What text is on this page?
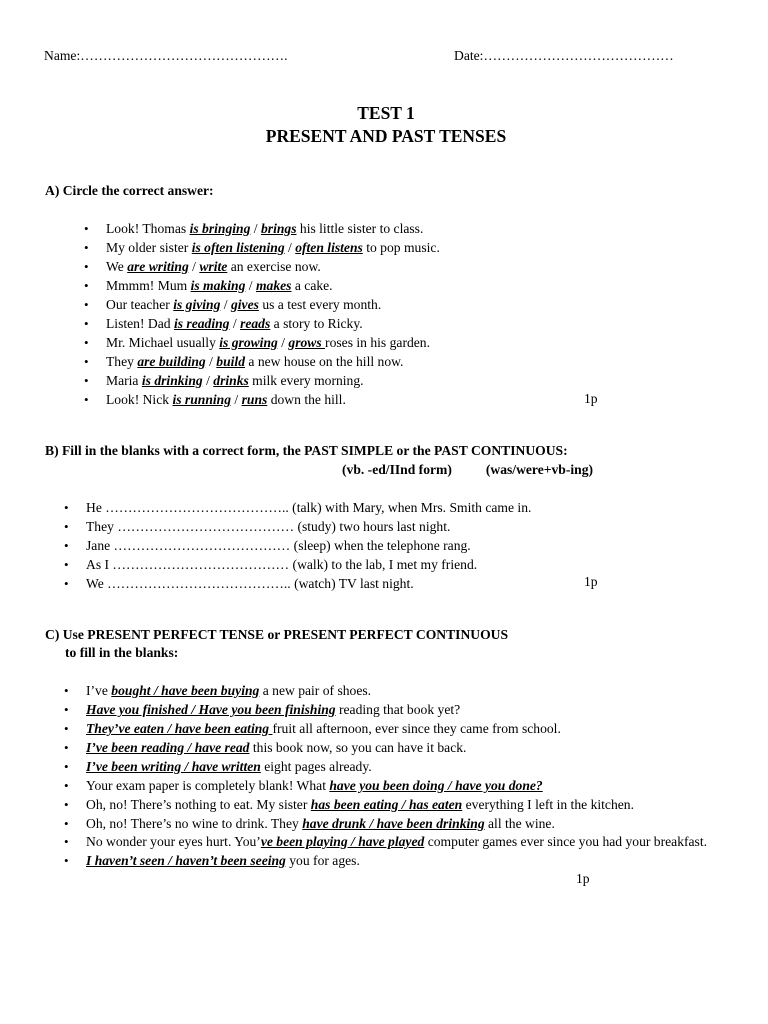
Name:……………………………………….	Date:……………………………………
TEST 1
PRESENT AND PAST TENSES
A) Circle the correct answer:
• Look! Thomas is bringing / brings his little sister to class.
• My older sister is often listening / often listens to pop music.
• We are writing / write an exercise now.
• Mmmm! Mum is making / makes a cake.
• Our teacher is giving / gives us a test every month.
• Listen! Dad is reading / reads a story to Ricky.
• Mr. Michael usually is growing / grows roses in his garden.
• They are building / build a new house on the hill now.
• Maria is drinking / drinks milk every morning.
• Look! Nick is running / runs down the hill.	1p
B) Fill in the blanks with a correct form, the PAST SIMPLE or the PAST CONTINUOUS:
(vb. -ed/IInd form)          (was/were+vb-ing)
• He ………………………………….. (talk) with Mary, when Mrs. Smith came in.
• They ………………………………… (study) two hours last night.
• Jane ………………………………… (sleep) when the telephone rang.
• As I ………………………………… (walk) to the lab, I met my friend.
• We ………………………………….. (watch) TV last night.	1p
C) Use PRESENT PERFECT TENSE or PRESENT PERFECT CONTINUOUS
to fill in the blanks:
• I’ve bought / have been buying a new pair of shoes.
• Have you finished / Have you been finishing reading that book yet?
• They’ve eaten / have been eating fruit all afternoon, ever since they came from school.
• I’ve been reading / have read this book now, so you can have it back.
• I’ve been writing / have written eight pages already.
• Your exam paper is completely blank! What have you been doing / have you done?
• Oh, no! There’s nothing to eat. My sister has been eating / has eaten everything I left in the kitchen.
• Oh, no! There’s no wine to drink. They have drunk / have been drinking all the wine.
• No wonder your eyes hurt. You’ve been playing / have played computer games ever since you had your breakfast.
• I haven’t seen / haven’t been seeing you for ages.
1p
